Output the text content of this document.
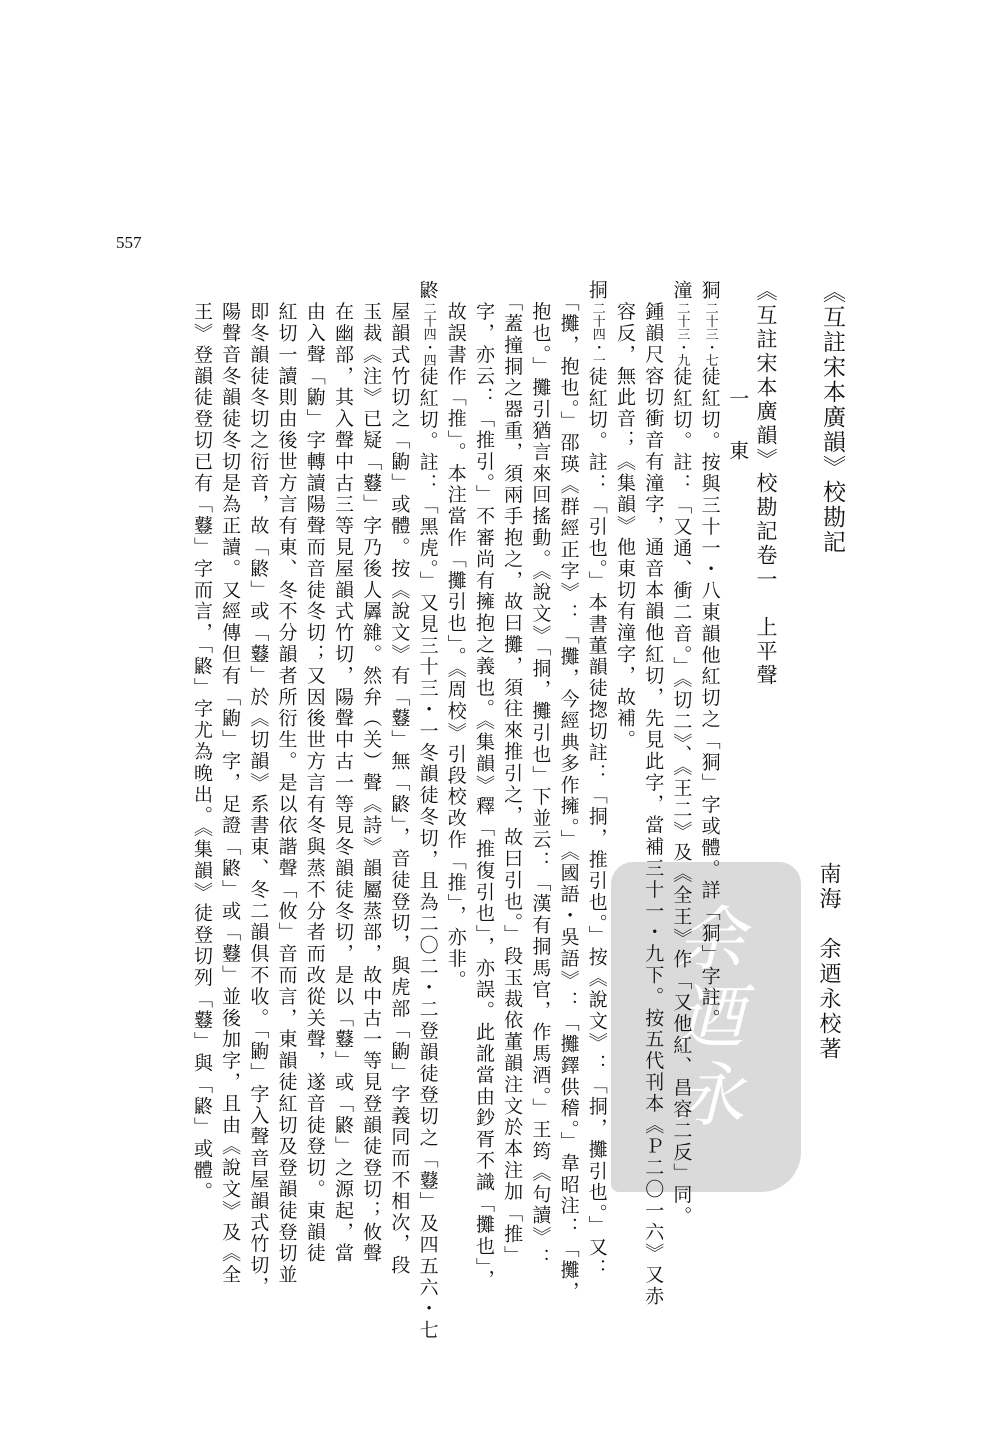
557
《互註宋本廣韻》校勘記
余迺永	南海　余迺永校著

《互註宋本廣韻》校勘記卷一　上平聲

一　東

狪二十三・七徒紅切。按與三十一・八東韻他紅切之「狪」字或體。詳「狪」字註。

潼二十三・九徒紅切。註：「又通、衝二音。」《切二》、《王二》及《全王》作「又他紅、昌容二反」同。

　鍾韻尺容切衝音有潼字，通音本韻他紅切，先見此字，當補三十一・九下。按五代刊本《Ｐ二〇一六》又赤

　容反，無此音；《集韻》他東切有潼字，故補。

挏二十四・一徒紅切。註：「引也。」本書董韻徒揔切註：「挏，推引也。」按《說文》：「挏，攤引也。」又：

　「攤，抱也。」邵瑛《群經正字》：「攤，今經典多作擁。」《國語・吳語》：「攤鐸供稽。」韋昭注：「攤，

　抱也。」攤引猶言來回搖動。《說文》「挏，攤引也」下並云：「漢有挏馬官，作馬酒。」王筠《句讀》：

　「蓋撞挏之器重，須兩手抱之，故曰攤，須往來推引之，故曰引也。」段玉裁依董韻注文於本注加「推」

　字，亦云：「推引。」不審尚有擁抱之義也。《集韻》釋「推復引也」，亦誤。此訛當由鈔胥不識「攤也」，

　故誤書作「推」。本注當作「攤引也」。《周校》引段校改作「推」，亦非。

鼨二十四・四徒紅切。註：「黑虎。」又見三十三・一冬韻徒冬切，且為二〇二・二登韻徒登切之「鼟」及四五六・七

　屋韻式竹切之「鼩」或體。按《說文》有「鼟」無「鼨」，音徒登切，與虎部「鼩」字義同而不相次，段

　玉裁《注》已疑「鼟」字乃後人羼雜。然弁（关）聲《詩》韻屬蒸部，故中古一等見登韻徒登切；攸聲

　在幽部，其入聲中古三等見屋韻式竹切，陽聲中古一等見冬韻徒冬切，是以「鼟」或「鼨」之源起，當

　由入聲「鼩」字轉讀陽聲而音徒冬切；又因後世方言有冬與蒸不分者而改從关聲，遂音徒登切。東韻徒

　紅切一讀則由後世方言有東、冬不分韻者所衍生。是以依諧聲「攸」音而言，東韻徒紅切及登韻徒登切並

　即冬韻徒冬切之衍音，故「鼨」或「鼟」於《切韻》系書東、冬二韻俱不收。「鼩」字入聲音屋韻式竹切，

　陽聲音冬韻徒冬切是為正讀。又經傳但有「鼩」字，足證「鼨」或「鼟」並後加字，且由《說文》及《全

　王》登韻徒登切已有「鼟」字而言，「鼨」字尤為晚出。《集韻》徒登切列「鼟」與「鼨」或體。
